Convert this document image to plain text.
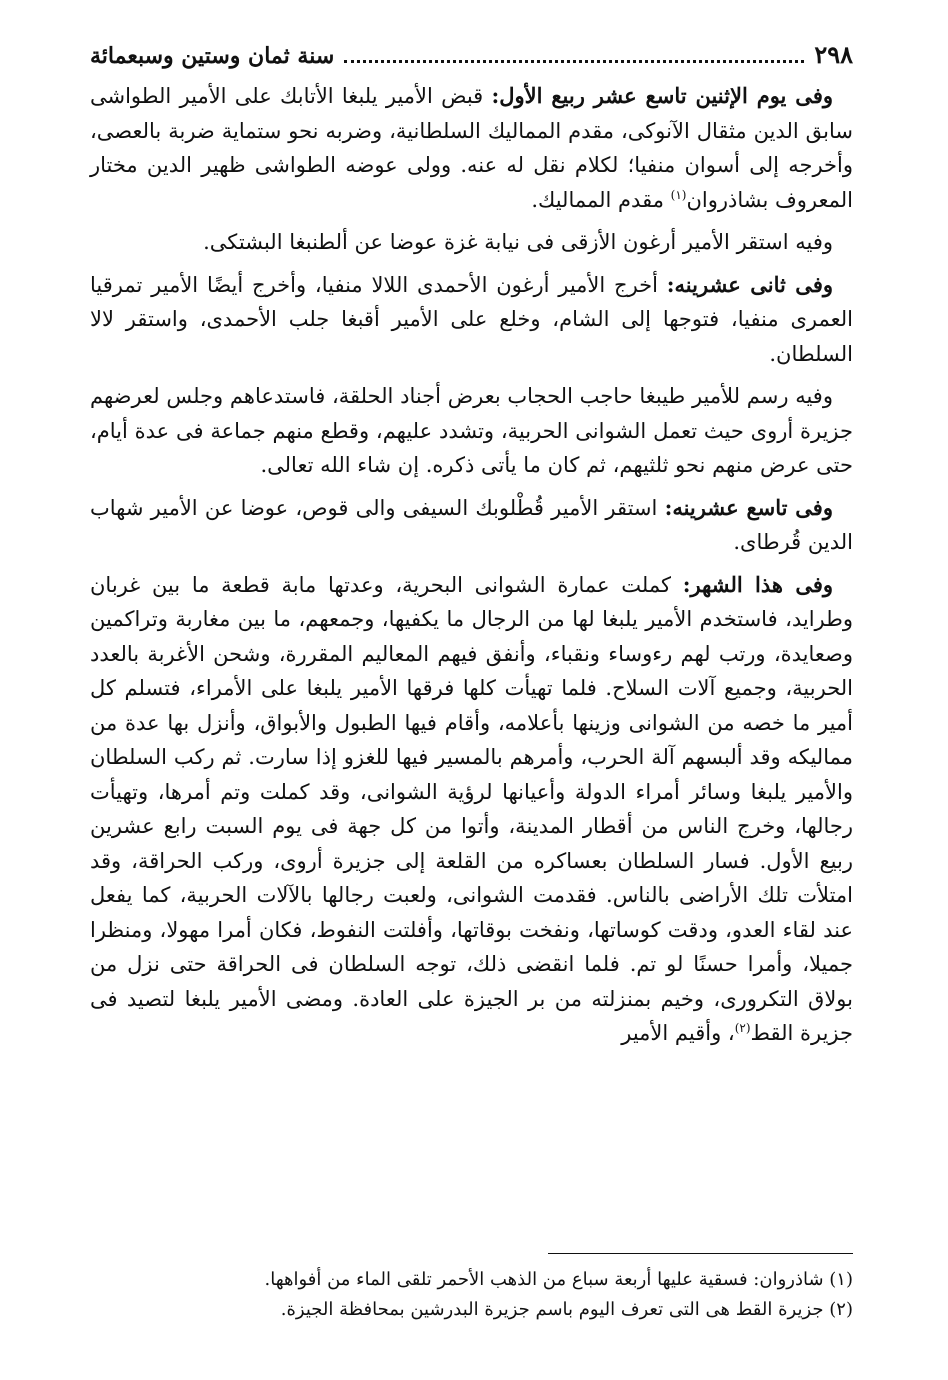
٢٩٨
سنة ثمان وستين وسبعمائة

وفى يوم الإثنين تاسع عشر ربيع الأول: قبض الأمير يلبغا الأتابك على الأمير الطواشى سابق الدين مثقال الآنوكى، مقدم المماليك السلطانية، وضربه نحو ستماية ضربة بالعصى، وأخرجه إلى أسوان منفيا؛ لكلام نقل له عنه. وولى عوضه الطواشى ظهير الدين مختار المعروف بشاذروان$^{(١)}$ مقدم المماليك.

وفيه استقر الأمير أرغون الأزقى فى نيابة غزة عوضا عن ألطنبغا البشتكى.

وفى ثانى عشرينه: أخرج الأمير أرغون الأحمدى اللالا منفيا، وأخرج أيضًا الأمير تمرقيا العمرى منفيا، فتوجها إلى الشام، وخلع على الأمير أقبغا جلب الأحمدى، واستقر لالا السلطان.

وفيه رسم للأمير طيبغا حاجب الحجاب بعرض أجناد الحلقة، فاستدعاهم وجلس لعرضهم جزيرة أروى حيث تعمل الشوانى الحربية، وتشدد عليهم، وقطع منهم جماعة فى عدة أيام، حتى عرض منهم نحو ثلثيهم، ثم كان ما يأتى ذكره. إن شاء الله تعالى.

وفى تاسع عشرينه: استقر الأمير قُطْلوبك السيفى والى قوص، عوضا عن الأمير شهاب الدين قُرطاى.

وفى هذا الشهر: كملت عمارة الشوانى البحرية، وعدتها مابة قطعة ما بين غربان وطرايد، فاستخدم الأمير يلبغا لها من الرجال ما يكفيها، وجمعهم، ما بين مغاربة وتراكمين وصعايدة، ورتب لهم رءوساء ونقباء، وأنفق فيهم المعاليم المقررة، وشحن الأغربة بالعدد الحربية، وجميع آلات السلاح. فلما تهيأت كلها فرقها الأمير يلبغا على الأمراء، فتسلم كل أمير ما خصه من الشوانى وزينها بأعلامه، وأقام فيها الطبول والأبواق، وأنزل بها عدة من مماليكه وقد ألبسهم آلة الحرب، وأمرهم بالمسير فيها للغزو إذا سارت. ثم ركب السلطان والأمير يلبغا وسائر أمراء الدولة وأعيانها لرؤية الشوانى، وقد كملت وتم أمرها، وتهيأت رجالها، وخرج الناس من أقطار المدينة، وأتوا من كل جهة فى يوم السبت رابع عشرين ربيع الأول. فسار السلطان بعساكره من القلعة إلى جزيرة أروى، وركب الحراقة، وقد امتلأت تلك الأراضى بالناس. فقدمت الشوانى، ولعبت رجالها بالآلات الحربية، كما يفعل عند لقاء العدو، ودقت كوساتها، ونفخت بوقاتها، وأفلتت النفوط، فكان أمرا مهولا، ومنظرا جميلا، وأمرا حسنًا لو تم. فلما انقضى ذلك، توجه السلطان فى الحراقة حتى نزل من بولاق التكرورى، وخيم بمنزلته من بر الجيزة على العادة. ومضى الأمير يلبغا لتصيد فى جزيرة القط$^{(٢)}$، وأقيم الأمير

(١) شاذروان: فسقية عليها أربعة سباع من الذهب الأحمر تلقى الماء من أفواهها.

(٢) جزيرة القط هى التى تعرف اليوم باسم جزيرة البدرشين بمحافظة الجيزة.
